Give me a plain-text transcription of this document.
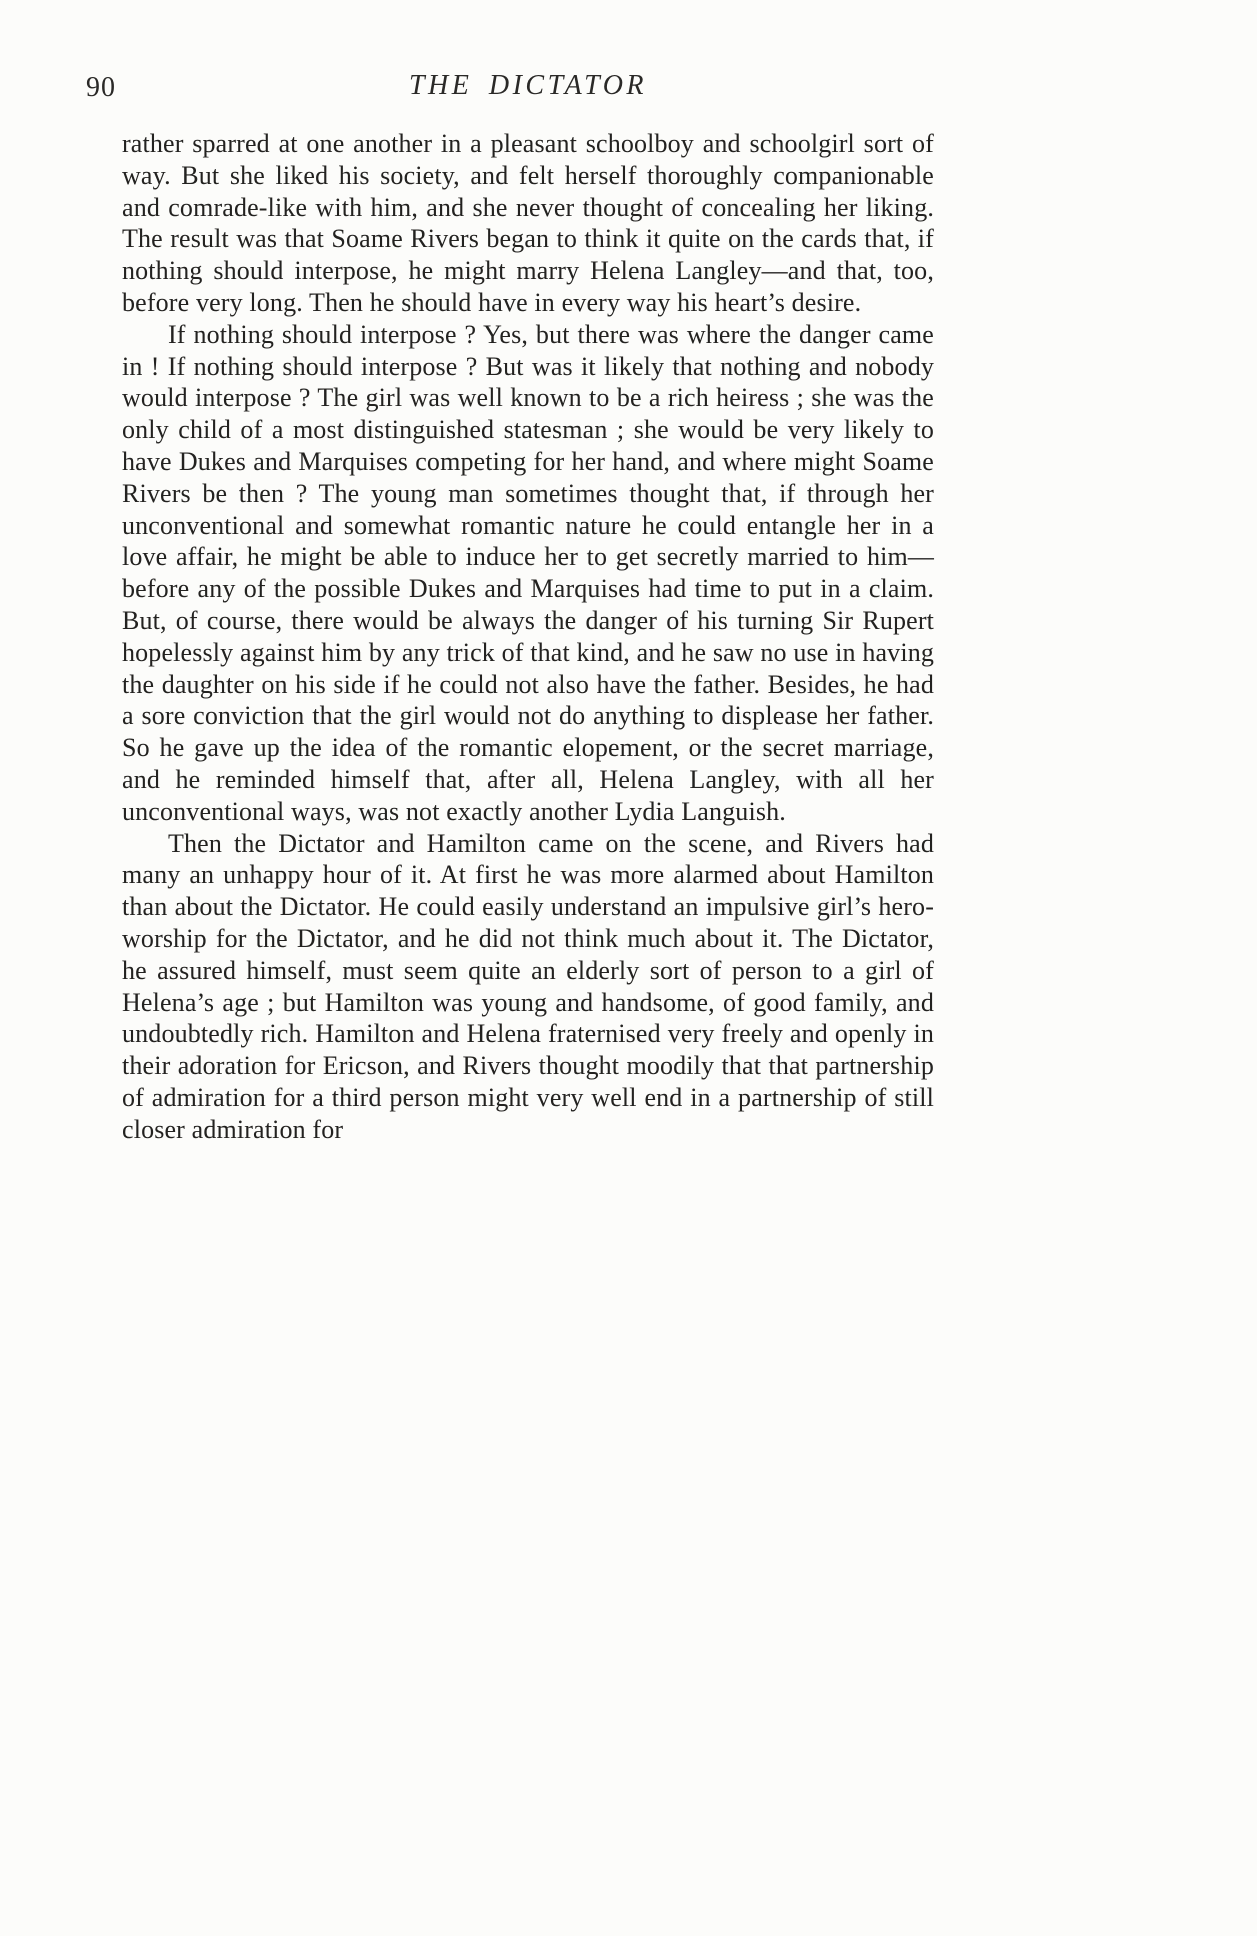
90	THE DICTATOR

rather sparred at one another in a pleasant schoolboy and schoolgirl sort of way. But she liked his society, and felt herself thoroughly companionable and comrade-like with him, and she never thought of concealing her liking. The result was that Soame Rivers began to think it quite on the cards that, if nothing should interpose, he might marry Helena Langley—and that, too, before very long. Then he should have in every way his heart’s desire.

If nothing should interpose ? Yes, but there was where the danger came in ! If nothing should interpose ? But was it likely that nothing and nobody would interpose ? The girl was well known to be a rich heiress ; she was the only child of a most distinguished statesman ; she would be very likely to have Dukes and Marquises competing for her hand, and where might Soame Rivers be then ? The young man sometimes thought that, if through her unconventional and somewhat romantic nature he could entangle her in a love affair, he might be able to induce her to get secretly married to him—before any of the possible Dukes and Marquises had time to put in a claim. But, of course, there would be always the danger of his turning Sir Rupert hopelessly against him by any trick of that kind, and he saw no use in having the daughter on his side if he could not also have the father. Besides, he had a sore conviction that the girl would not do anything to displease her father. So he gave up the idea of the romantic elopement, or the secret marriage, and he reminded himself that, after all, Helena Langley, with all her unconventional ways, was not exactly another Lydia Languish.

Then the Dictator and Hamilton came on the scene, and Rivers had many an unhappy hour of it. At first he was more alarmed about Hamilton than about the Dictator. He could easily understand an impulsive girl’s hero-worship for the Dictator, and he did not think much about it. The Dictator, he assured himself, must seem quite an elderly sort of person to a girl of Helena’s age ; but Hamilton was young and handsome, of good family, and undoubtedly rich. Hamilton and Helena fraternised very freely and openly in their adoration for Ericson, and Rivers thought moodily that that partnership of admiration for a third person might very well end in a partnership of still closer admiration for
